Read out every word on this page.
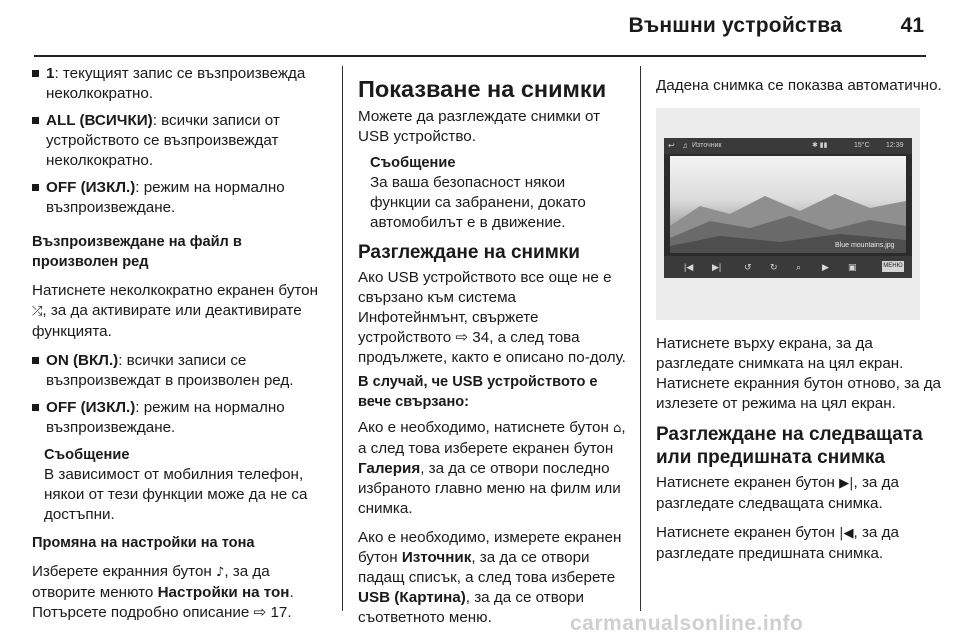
Външни устройства	41
1: текущият запис се възпроизвежда неколкократно.
ALL (ВСИЧКИ): всички записи от устройството се възпроизвеждат неколкократно.
OFF (ИЗКЛ.): режим на нормално възпроизвеждане.

Възпроизвеждане на файл в произволен ред

Натиснете неколкократно екранен бутон ⤮, за да активирате или деактивирате функцията.

ON (ВКЛ.): всички записи се възпроизвеждат в произволен ред.
OFF (ИЗКЛ.): режим на нормално възпроизвеждане.
Съобщение
В зависимост от мобилния телефон, някои от тези функции може да не са достъпни.

Промяна на настройки на тона

Изберете екранния бутон ♪, за да отворите менюто Настройки на тон. Потърсете подробно описание ⇨ 17.

Показване на снимки

Можете да разглеждате снимки от USB устройство.

Съобщение
За ваша безопасност някои функции са забранени, докато автомобилът е в движение.
Разглеждане на снимки

Ако USB устройството все още не е свързано към система Инфотейнмънт, свържете устройството ⇨ 34, а след това продължете, както е описано по-долу.

В случай, че USB устройството е вече свързано:

Ако е необходимо, натиснете бутон ⌂, а след това изберете екранен бутон Галерия, за да се отвори последно избраното главно меню на филм или снимка.

Ако е необходимо, измерете екранен бутон Източник, за да се отвори падащ списък, а след това изберете USB (Картина), за да се отвори съответното меню.

Дадена снимка се показва автоматично.

↩ ♫ Източник	✱ ▮▮	15°C 12:39
Blue mountains.jpg
|◀ ▶|	↺ ↻ ⌕ ▶ ▣	МЕНЮ

Натиснете върху екрана, за да разгледате снимката на цял екран. Натиснете екранния бутон отново, за да излезете от режима на цял екран.

Разглеждане на следващата или предишната снимка

Натиснете екранен бутон ▶|, за да разгледате следващата снимка.

Натиснете екранен бутон |◀, за да разгледате предишната снимка.

carmanualsonline.info
